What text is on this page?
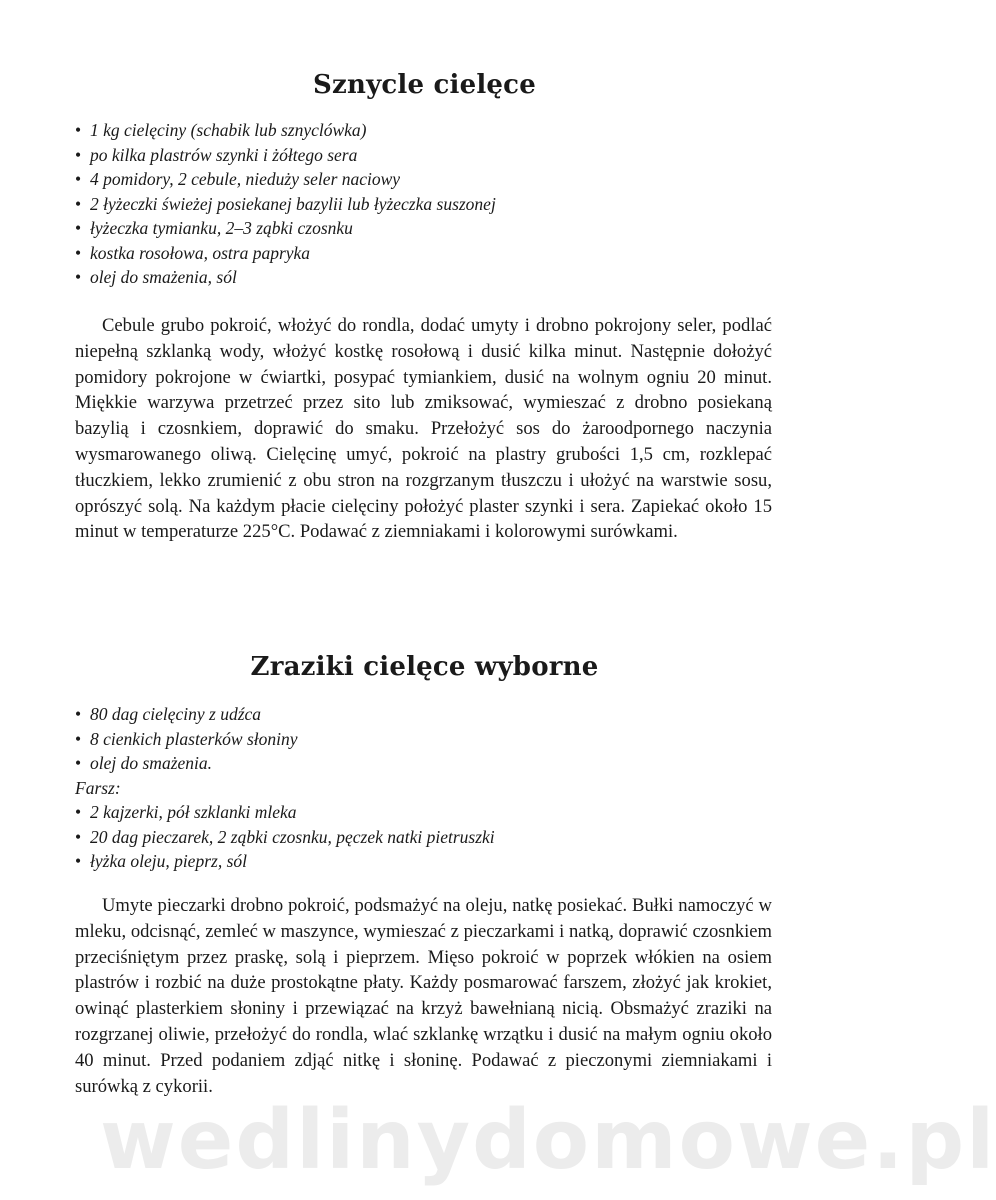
wedlinydomowe.pl
Sznycle cielęce
• 1 kg cielęciny (schabik lub sznyclówka)
• po kilka plastrów szynki i żółtego sera
• 4 pomidory, 2 cebule, nieduży seler naciowy
• 2 łyżeczki świeżej posiekanej bazylii lub łyżeczka suszonej
• łyżeczka tymianku, 2–3 ząbki czosnku
• kostka rosołowa, ostra papryka
• olej do smażenia, sól

Cebule grubo pokroić, włożyć do rondla, dodać umyty i drobno pokrojony seler, podlać niepełną szklanką wody, włożyć kostkę rosołową i dusić kilka minut. Następnie dołożyć pomidory pokrojone w ćwiartki, posypać tymiankiem, dusić na wolnym ogniu 20 minut. Miękkie warzywa przetrzeć przez sito lub zmiksować, wymieszać z drobno posiekaną bazylią i czosnkiem, doprawić do smaku. Przełożyć sos do żaroodpornego naczynia wysmarowanego oliwą. Cielęcinę umyć, pokroić na plastry grubości 1,5 cm, rozklepać tłuczkiem, lekko zrumienić z obu stron na rozgrzanym tłuszczu i ułożyć na warstwie sosu, oprószyć solą. Na każdym płacie cielęciny położyć plaster szynki i sera. Zapiekać około 15 minut w temperaturze 225°C. Podawać z ziemniakami i kolorowymi surówkami.

Zraziki cielęce wyborne
• 80 dag cielęciny z udźca
• 8 cienkich plasterków słoniny
• olej do smażenia.
Farsz:
• 2 kajzerki, pół szklanki mleka
• 20 dag pieczarek, 2 ząbki czosnku, pęczek natki pietruszki
• łyżka oleju, pieprz, sól

Umyte pieczarki drobno pokroić, podsmażyć na oleju, natkę posiekać. Bułki namoczyć w mleku, odcisnąć, zemleć w maszynce, wymieszać z pieczarkami i natką, doprawić czosnkiem przeciśniętym przez praskę, solą i pieprzem. Mięso pokroić w poprzek włókien na osiem plastrów i rozbić na duże prostokątne płaty. Każdy posmarować farszem, złożyć jak krokiet, owinąć plasterkiem słoniny i przewiązać na krzyż bawełnianą nicią. Obsmażyć zraziki na rozgrzanej oliwie, przełożyć do rondla, wlać szklankę wrzątku i dusić na małym ogniu około 40 minut. Przed podaniem zdjąć nitkę i słoninę. Podawać z pieczonymi ziemniakami i surówką z cykorii.
